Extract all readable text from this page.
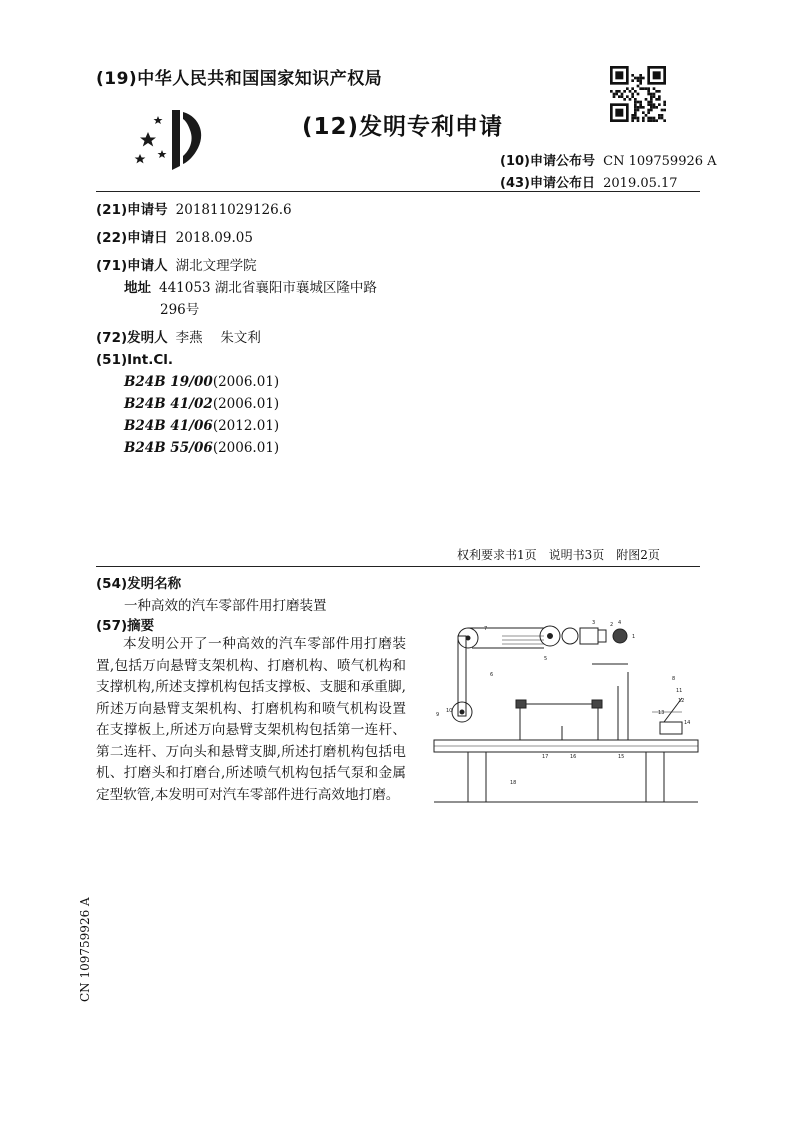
(19)中华人民共和国国家知识产权局
(12)发明专利申请
(10)申请公布号 CN 109759926 A
(43)申请公布日 2019.05.17
(21)申请号 201811029126.6
(22)申请日 2018.09.05
(71)申请人 湖北文理学院
地址 441053 湖北省襄阳市襄城区隆中路
296号
(72)发明人 李燕　 朱文利
(51)Int.Cl.
B24B 19/00(2006.01)
B24B 41/02(2006.01)
B24B 41/06(2012.01)
B24B 55/06(2006.01)
权利要求书1页 说明书3页 附图2页
(54)发明名称
一种高效的汽车零部件用打磨装置
(57)摘要
本发明公开了一种高效的汽车零部件用打磨装置,包括万向悬臂支架机构、打磨机构、喷气机构和支撑机构,所述支撑机构包括支撑板、支腿和承重脚,所述万向悬臂支架机构、打磨机构和喷气机构设置在支撑板上,所述万向悬臂支架机构包括第一连杆、第二连杆、万向头和悬臂支脚,所述打磨机构包括电机、打磨头和打磨台,所述喷气机构包括气泵和金属定型软管,本发明可对汽车零部件进行高效地打磨。
1
2
3	4
5
6
7
8
9
10
11
12
13
14
15
16
17
18
CN 109759926 A
